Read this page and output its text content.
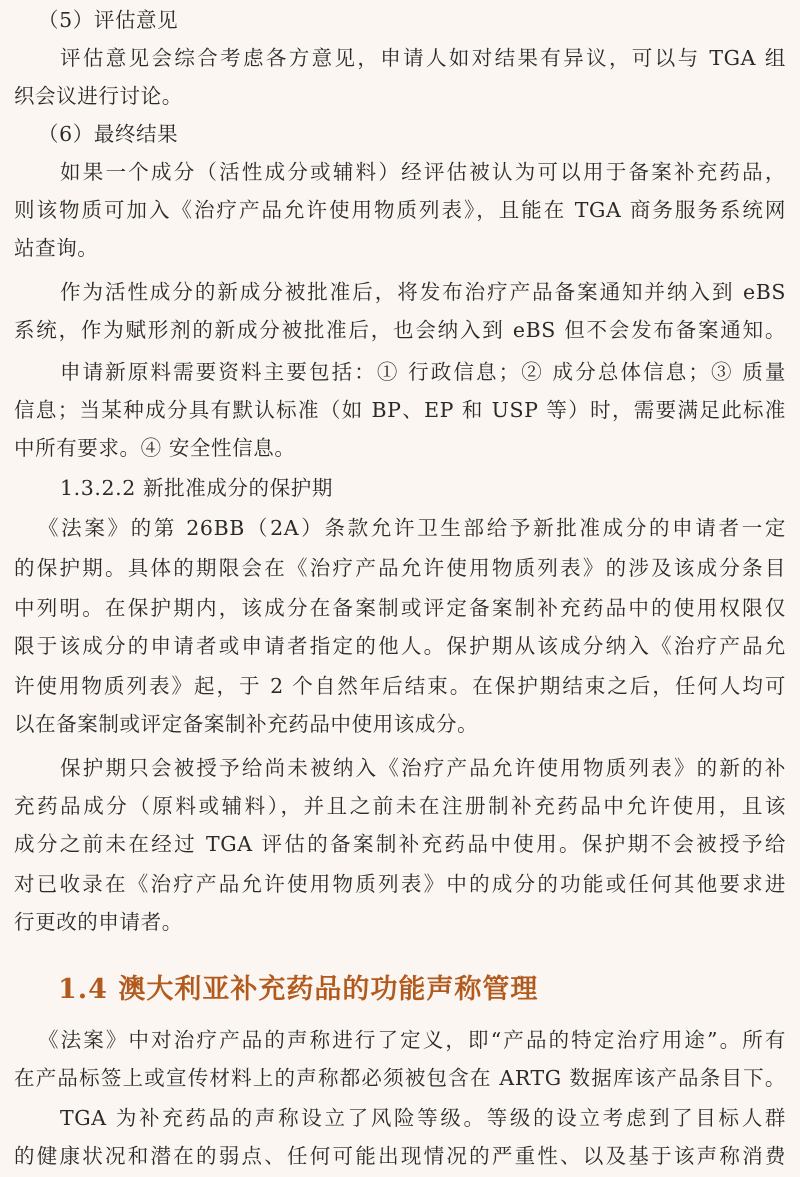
（5）评估意见
评估意见会综合考虑各方意见，申请人如对结果有异议，可以与 TGA 组
织会议进行讨论。
（6）最终结果
如果一个成分（活性成分或辅料）经评估被认为可以用于备案补充药品，
则该物质可加入《治疗产品允许使用物质列表》，且能在 TGA 商务服务系统网
站查询。
作为活性成分的新成分被批准后，将发布治疗产品备案通知并纳入到 eBS
系统，作为赋形剂的新成分被批准后，也会纳入到 eBS 但不会发布备案通知。
申请新原料需要资料主要包括：① 行政信息；② 成分总体信息；③ 质量
信息；当某种成分具有默认标准（如 BP、EP 和 USP 等）时，需要满足此标准
中所有要求。④ 安全性信息。
1.3.2.2 新批准成分的保护期
《法案》的第 26BB（2A）条款允许卫生部给予新批准成分的申请者一定
的保护期。具体的期限会在《治疗产品允许使用物质列表》的涉及该成分条目
中列明。在保护期内，该成分在备案制或评定备案制补充药品中的使用权限仅
限于该成分的申请者或申请者指定的他人。保护期从该成分纳入《治疗产品允
许使用物质列表》起，于 2 个自然年后结束。在保护期结束之后，任何人均可
以在备案制或评定备案制补充药品中使用该成分。
保护期只会被授予给尚未被纳入《治疗产品允许使用物质列表》的新的补
充药品成分（原料或辅料），并且之前未在注册制补充药品中允许使用，且该
成分之前未在经过 TGA 评估的备案制补充药品中使用。保护期不会被授予给
对已收录在《治疗产品允许使用物质列表》中的成分的功能或任何其他要求进
行更改的申请者。
1.4 澳大利亚补充药品的功能声称管理
《法案》中对治疗产品的声称进行了定义，即“产品的特定治疗用途”。所有
在产品标签上或宣传材料上的声称都必须被包含在 ARTG 数据库该产品条目下。
TGA 为补充药品的声称设立了风险等级。等级的设立考虑到了目标人群
的健康状况和潜在的弱点、任何可能出现情况的严重性、以及基于该声称消费
